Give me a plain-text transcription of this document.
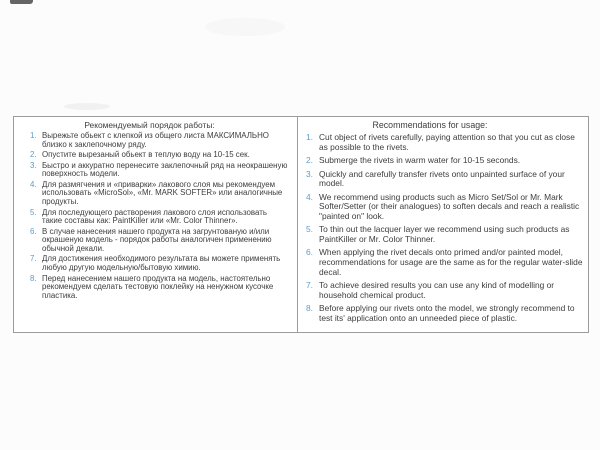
Рекомендуемый порядок работы:
1. Вырежьте обьект с клепкой из общего листа МАКСИМАЛЬНО близко к заклепочному ряду.
2. Опустите вырезаный обьект в теплую воду на 10-15 сек.
3. Быстро и аккуратно перенесите заклепочный ряд на неокрашеную поверхность модели.
4. Для размягчения и «приварки» лакового слоя мы рекомендуем использовать «MicroSol», «Mr. MARK SOFTER» или аналогичные продукты.
5. Для последующего растворения лакового слоя использовать такие составы как: PaintKiller или «Mr. Color Thinner».
6. В случае нанесения нашего продукта на загрунтованую и/или окрашеную модель - порядок работы аналогичен применению обычной декали.
7. Для достижения необходимого результата вы можете применять любую другую модельную/бытовую химию.
8. Перед нанесением нашего продукта на модель, настоятельно рекомендуем сделать тестовую поклейку на ненужном кусочке пластика.
Recommendations for usage:
1. Cut object of rivets carefully, paying attention so that you cut as close as possible to the rivets.
2. Submerge the rivets in warm water for 10-15 seconds.
3. Quickly and carefully transfer rivets onto unpainted surface of your model.
4. We recommend using products such as Micro Set/Sol or Mr. Mark Softer/Setter (or their analogues) to soften decals and reach a realistic "painted on" look.
5. To thin out the lacquer layer we recommend using such products as PaintKiller or Mr. Color Thinner.
6. When applying the rivet decals onto primed and/or painted model, recommendations for usage are the same as for the regular water-slide decal.
7. To achieve desired results you can use any kind of modelling or household chemical product.
8. Before applying our rivets onto the model, we strongly recommend to test its' application onto an unneeded piece of plastic.
